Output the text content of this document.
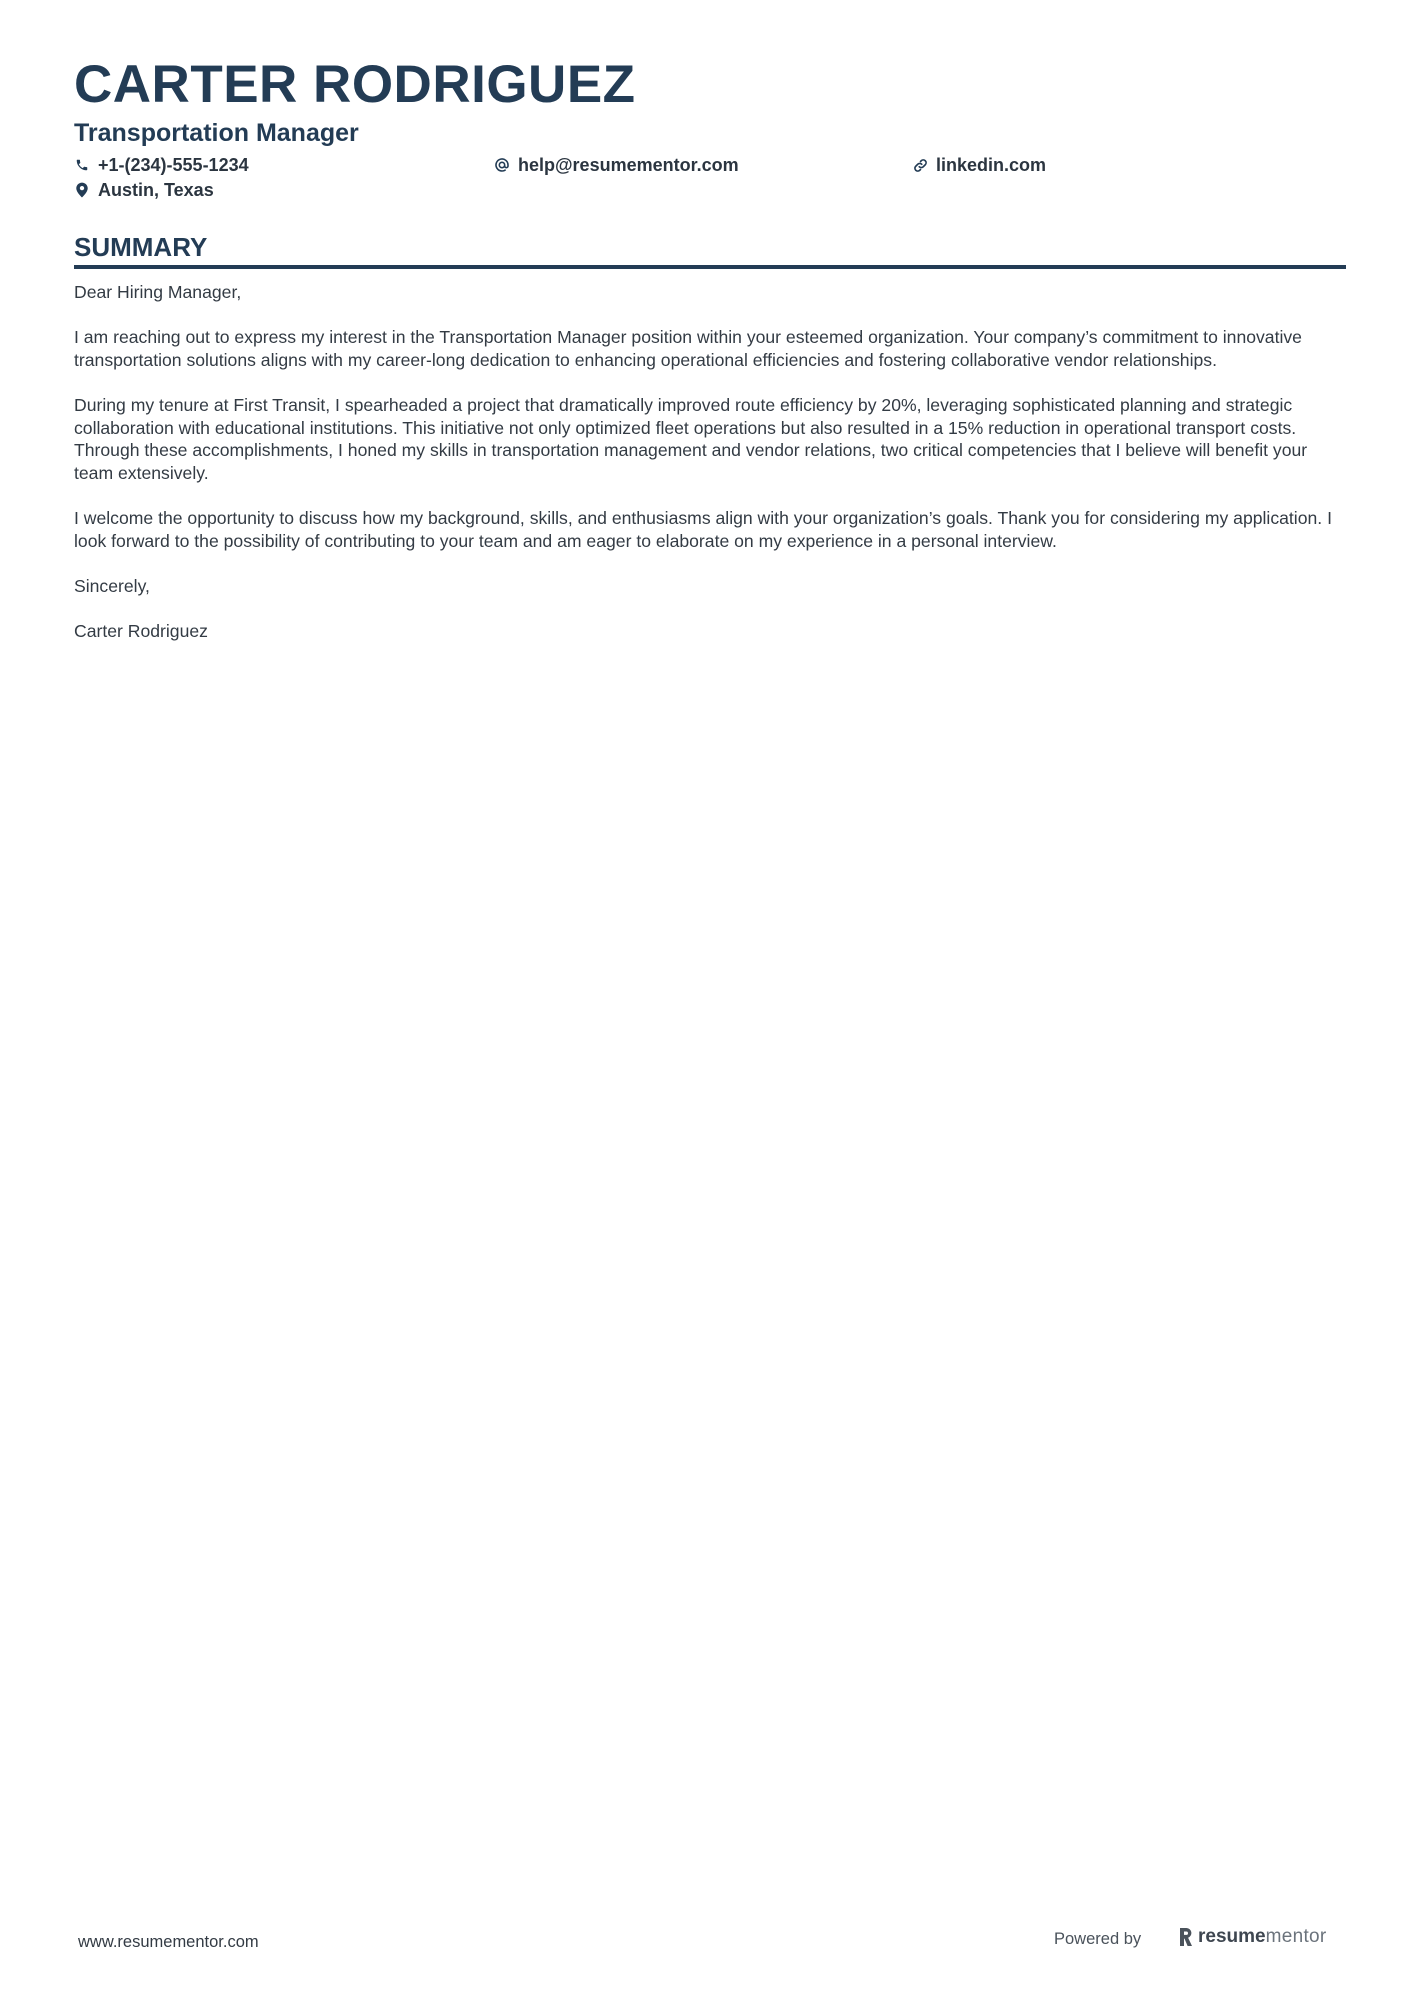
CARTER RODRIGUEZ
Transportation Manager
+1-(234)-555-1234	help@resumementor.com	linkedin.com
Austin, Texas
SUMMARY

Dear Hiring Manager,

I am reaching out to express my interest in the Transportation Manager position within your esteemed organization. Your company’s commitment to innovative transportation solutions aligns with my career-long dedication to enhancing operational efficiencies and fostering collaborative vendor relationships.

During my tenure at First Transit, I spearheaded a project that dramatically improved route efficiency by 20%, leveraging sophisticated planning and strategic collaboration with educational institutions. This initiative not only optimized fleet operations but also resulted in a 15% reduction in operational transport costs. Through these accomplishments, I honed my skills in transportation management and vendor relations, two critical competencies that I believe will benefit your team extensively.

I welcome the opportunity to discuss how my background, skills, and enthusiasms align with your organization’s goals. Thank you for considering my application. I look forward to the possibility of contributing to your team and am eager to elaborate on my experience in a personal interview.

Sincerely,

Carter Rodriguez

www.resumementor.com	Powered by	resume mentor
